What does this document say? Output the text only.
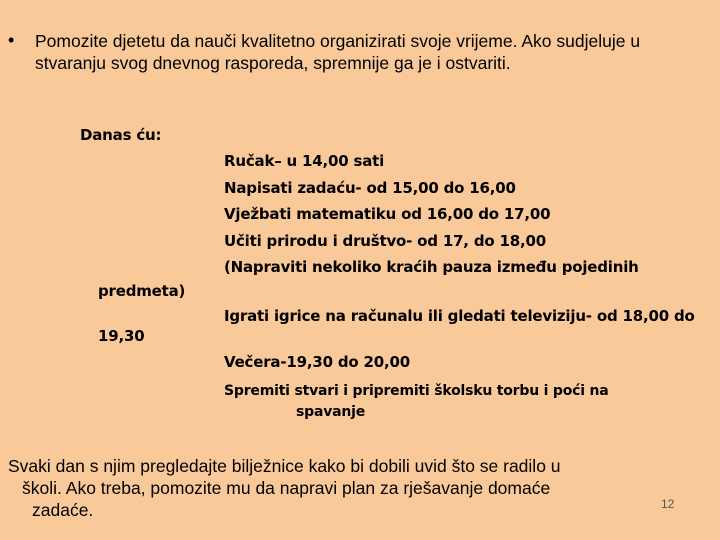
• Pomozite djetetu da nauči kvalitetno organizirati svoje vrijeme. Ako sudjeluje u stvaranju svog dnevnog rasporeda, spremnije ga je i ostvariti.
Danas ću:
Ručak– u 14,00 sati
Napisati zadaću- od 15,00 do 16,00
Vježbati matematiku od 16,00 do 17,00
Učiti prirodu i društvo- od 17, do 18,00
(Napraviti nekoliko kraćih pauza između pojedinih
predmeta)
Igrati igrice na računalu ili gledati televiziju- od 18,00 do
19,30
Večera-19,30 do 20,00
Spremiti stvari i pripremiti školsku torbu i poći na
spavanje
Svaki dan s njim pregledajte bilježnice kako bi dobili uvid što se radilo u
školi. Ako treba, pomozite mu da napravi plan za rješavanje domaće
zadaće.	12
